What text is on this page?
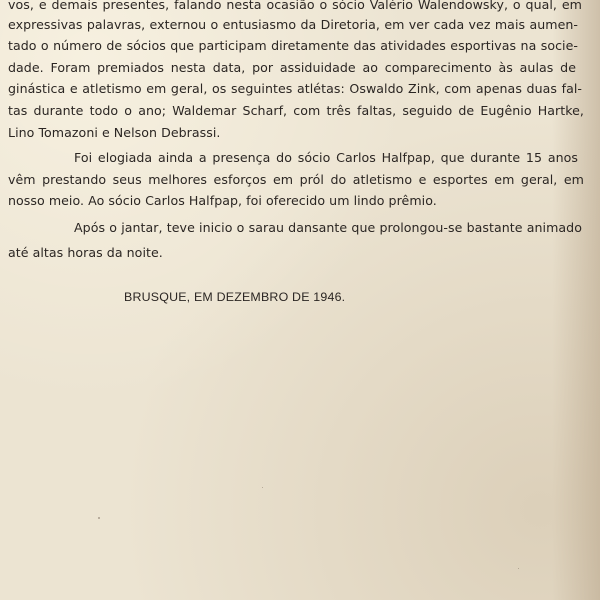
vos, e demais presentes, falando nesta ocasião o sócio Valério Walendowsky, o qual, em
expressivas palavras, externou o entusiasmo da Diretoria, em ver cada vez mais aumen-
tado o número de sócios que participam diretamente das atividades esportivas na socie-
dade. Foram premiados nesta data, por assiduidade ao comparecimento às aulas de
ginástica e atletismo em geral, os seguintes atlétas: Oswaldo Zink, com apenas duas fal-
tas durante todo o ano; Waldemar Scharf, com três faltas, seguido de Eugênio Hartke,
Lino Tomazoni e Nelson Debrassi.
Foi elogiada ainda a presença do sócio Carlos Halfpap, que durante 15 anos
vêm prestando seus melhores esforços em pról do atletismo e esportes em geral, em
nosso meio. Ao sócio Carlos Halfpap, foi oferecido um lindo prêmio.
Após o jantar, teve inicio o sarau dansante que prolongou-se bastante animado
até altas horas da noite.
BRUSQUE, EM DEZEMBRO DE 1946.
